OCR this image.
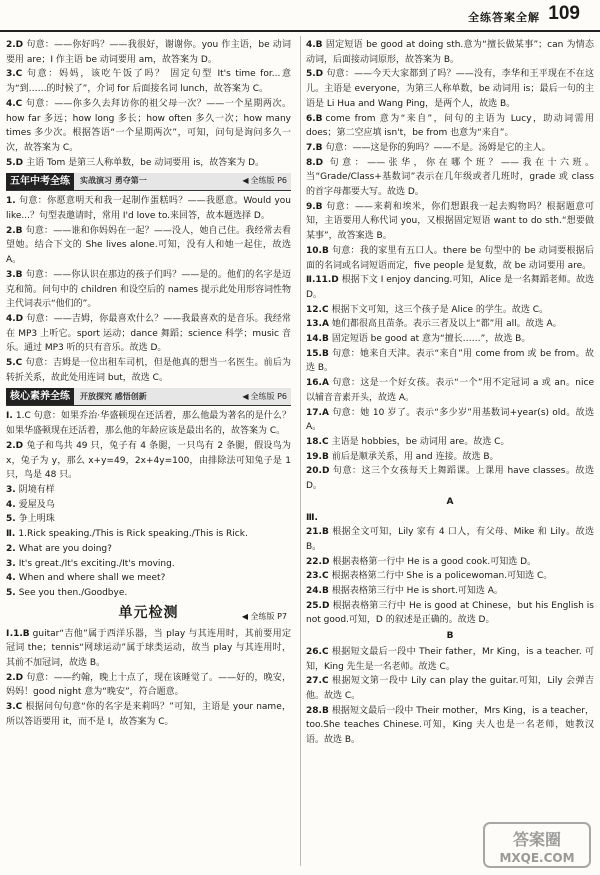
全练答案全解 109

2.D 句意：——你好吗？——我很好，谢谢你。you 作主语，be 动词要用 are；I 作主语 be 动词要用 am，故答案为 D。

3.C 句意：妈妈，该吃午饭了吗？ 固定句型 It's time for...意为“到……的时候了”，介词 for 后面接名词 lunch，故答案为 C。

4.C 句意：——你多久去拜访你的祖父母一次？——一个星期两次。how far 多远；how long 多长；how often 多久一次；how many times 多少次。根据答语“一个星期两次”，可知，问句是询问多久一次，故答案为 C。

5.D 主语 Tom 是第三人称单数，be 动词要用 is，故答案为 D。

五年中考全练	实战演习 勇夺第一	◀ 全练版 P6

1. 句意：你愿意明天和我一起制作蛋糕吗？——我愿意。Would you like...？句型表邀请时，常用 I'd love to.来回答，故本题选择 D。

2.B 句意：——谁和你妈妈在一起？——没人，她自己住。我经常去看望她。结合下文的 She lives alone.可知，没有人和她一起住，故选 A。

3.B 句意：——你认识在那边的孩子们吗？——是的。他们的名字是迈克和简。问句中的 children 和设空后的 names 提示此处用形容词性物主代词表示“他们的”。

4.D 句意：——吉姆，你最喜欢什么？——我最喜欢的是音乐。我经常在 MP3 上听它。sport 运动；dance 舞蹈；science 科学；music 音乐。通过 MP3 听的只有音乐。故选 D。

5.C 句意：吉姆是一位出租车司机，但是他真的想当一名医生。前后为转折关系，故此处用连词 but，故选 C。

核心素养全练	开放探究 感悟创新	◀ 全练版 P6

Ⅰ. 1.C 句意：如果乔治·华盛顿现在还活着，那么他最为著名的是什么？如果华盛顿现在还活着，那么他的年龄应该是最出名的，故答案为 C。

2.D 兔子和鸟共 49 只，兔子有 4 条腿，一只鸟有 2 条腿，假设鸟为 x，兔子为 y，那么 x+y=49，2x+4y=100，由排除法可知兔子是 1 只，鸟是 48 只。

3. 阴境有样

4. 爱屋及乌

5. 争上明珠

Ⅱ. 1.Rick speaking./This is Rick speaking./This is Rick.

2. What are you doing?

3. It's great./It's exciting./It's moving.

4. When and where shall we meet?

5. See you then./Goodbye.

单元检测	◀ 全练版 P7

Ⅰ.1.B guitar“吉他”属于西洋乐器，当 play 与其连用时，其前要用定冠词 the；tennis“网球运动”属于球类运动，故当 play 与其连用时，其前不加冠词，故选 B。

2.D 句意：——约翰，晚上十点了，现在该睡觉了。——好的，晚安，妈妈！good night 意为“晚安”，符合题意。

3.C 根据问句句意“你的名字是来莉吗？”可知，主语是 your name，所以答语要用 it，而不是 I，故答案为 C。

4.B 固定短语 be good at doing sth.意为“擅长做某事”；can 为情态动词，后面接动词原形，故答案为 B。

5.D 句意：——今天大家都到了吗？——没有，李华和王平现在不在这儿。主语是 everyone，为第三人称单数，be 动词用 is；最后一句的主语是 Li Hua and Wang Ping，是两个人，故选 B。

6.B come from 意为“来自”，问句的主语为 Lucy，助动词需用 does；第二空应填 isn't，be from 也意为“来自”。

7.B 句意：——这是你的狗吗？——不是。汤姆是它的主人。

8.D 句意：——张华，你在哪个班？——我在十六班。当“Grade/Class+基数词”表示在几年级或者几班时，grade 或 class 的首字母都要大写。故选 D。

9.B 句意：——来莉和埃米，你们想跟我一起去购物吗？根据题意可知，主语要用人称代词 you，又根据固定短语 want to do sth.“想要做某事”，故答案选 B。

10.B 句意：我的家里有五口人。there be 句型中的 be 动词要根据后面的名词或名词短语而定，five people 是复数，故 be 动词要用 are。

Ⅱ.11.D 根据下文 I enjoy dancing.可知，Alice 是一名舞蹈老师。故选 D。

12.C 根据下文可知，这三个孩子是 Alice 的学生。故选 C。

13.A 她们都很高且苗条。表示三者及以上“都”用 all。故选 A。

14.B 固定短语 be good at 意为“擅长……”，故选 B。

15.B 句意：她来自天津。表示“来自”用 come from 或 be from。故选 B。

16.A 句意：这是一个好女孩。表示“一个”用不定冠词 a 或 an。nice 以辅音音素开头，故选 A。

17.A 句意：她 10 岁了。表示“多少岁”用基数词+year(s) old。故选 A。

18.C 主语是 hobbies，be 动词用 are。故选 C。

19.B 前后是顺承关系，用 and 连接。故选 B。

20.D 句意：这三个女孩每天上舞蹈课。上课用 have classes。故选 D。

A

Ⅲ.

21.B 根据全文可知，Lily 家有 4 口人，有父母、Mike 和 Lily。故选 B。

22.D 根据表格第一行中 He is a good cook.可知选 D。

23.C 根据表格第二行中 She is a policewoman.可知选 C。

24.B 根据表格第三行中 He is short.可知选 A。

25.D 根据表格第三行中 He is good at Chinese，but his English is not good.可知，D 的叙述是正确的。故选 D。

B

26.C 根据短文最后一段中 Their father，Mr King，is a teacher. 可知，King 先生是一名老师。故选 C。

27.C 根据短文第一段中 Lily can play the guitar.可知，Lily 会弹吉他。故选 C。

28.B 根据短文最后一段中 Their mother，Mrs King，is a teacher，too.She teaches Chinese.可知，King 夫人也是一名老师，她教汉语。故选 B。

答案圈
MXQE.COM
